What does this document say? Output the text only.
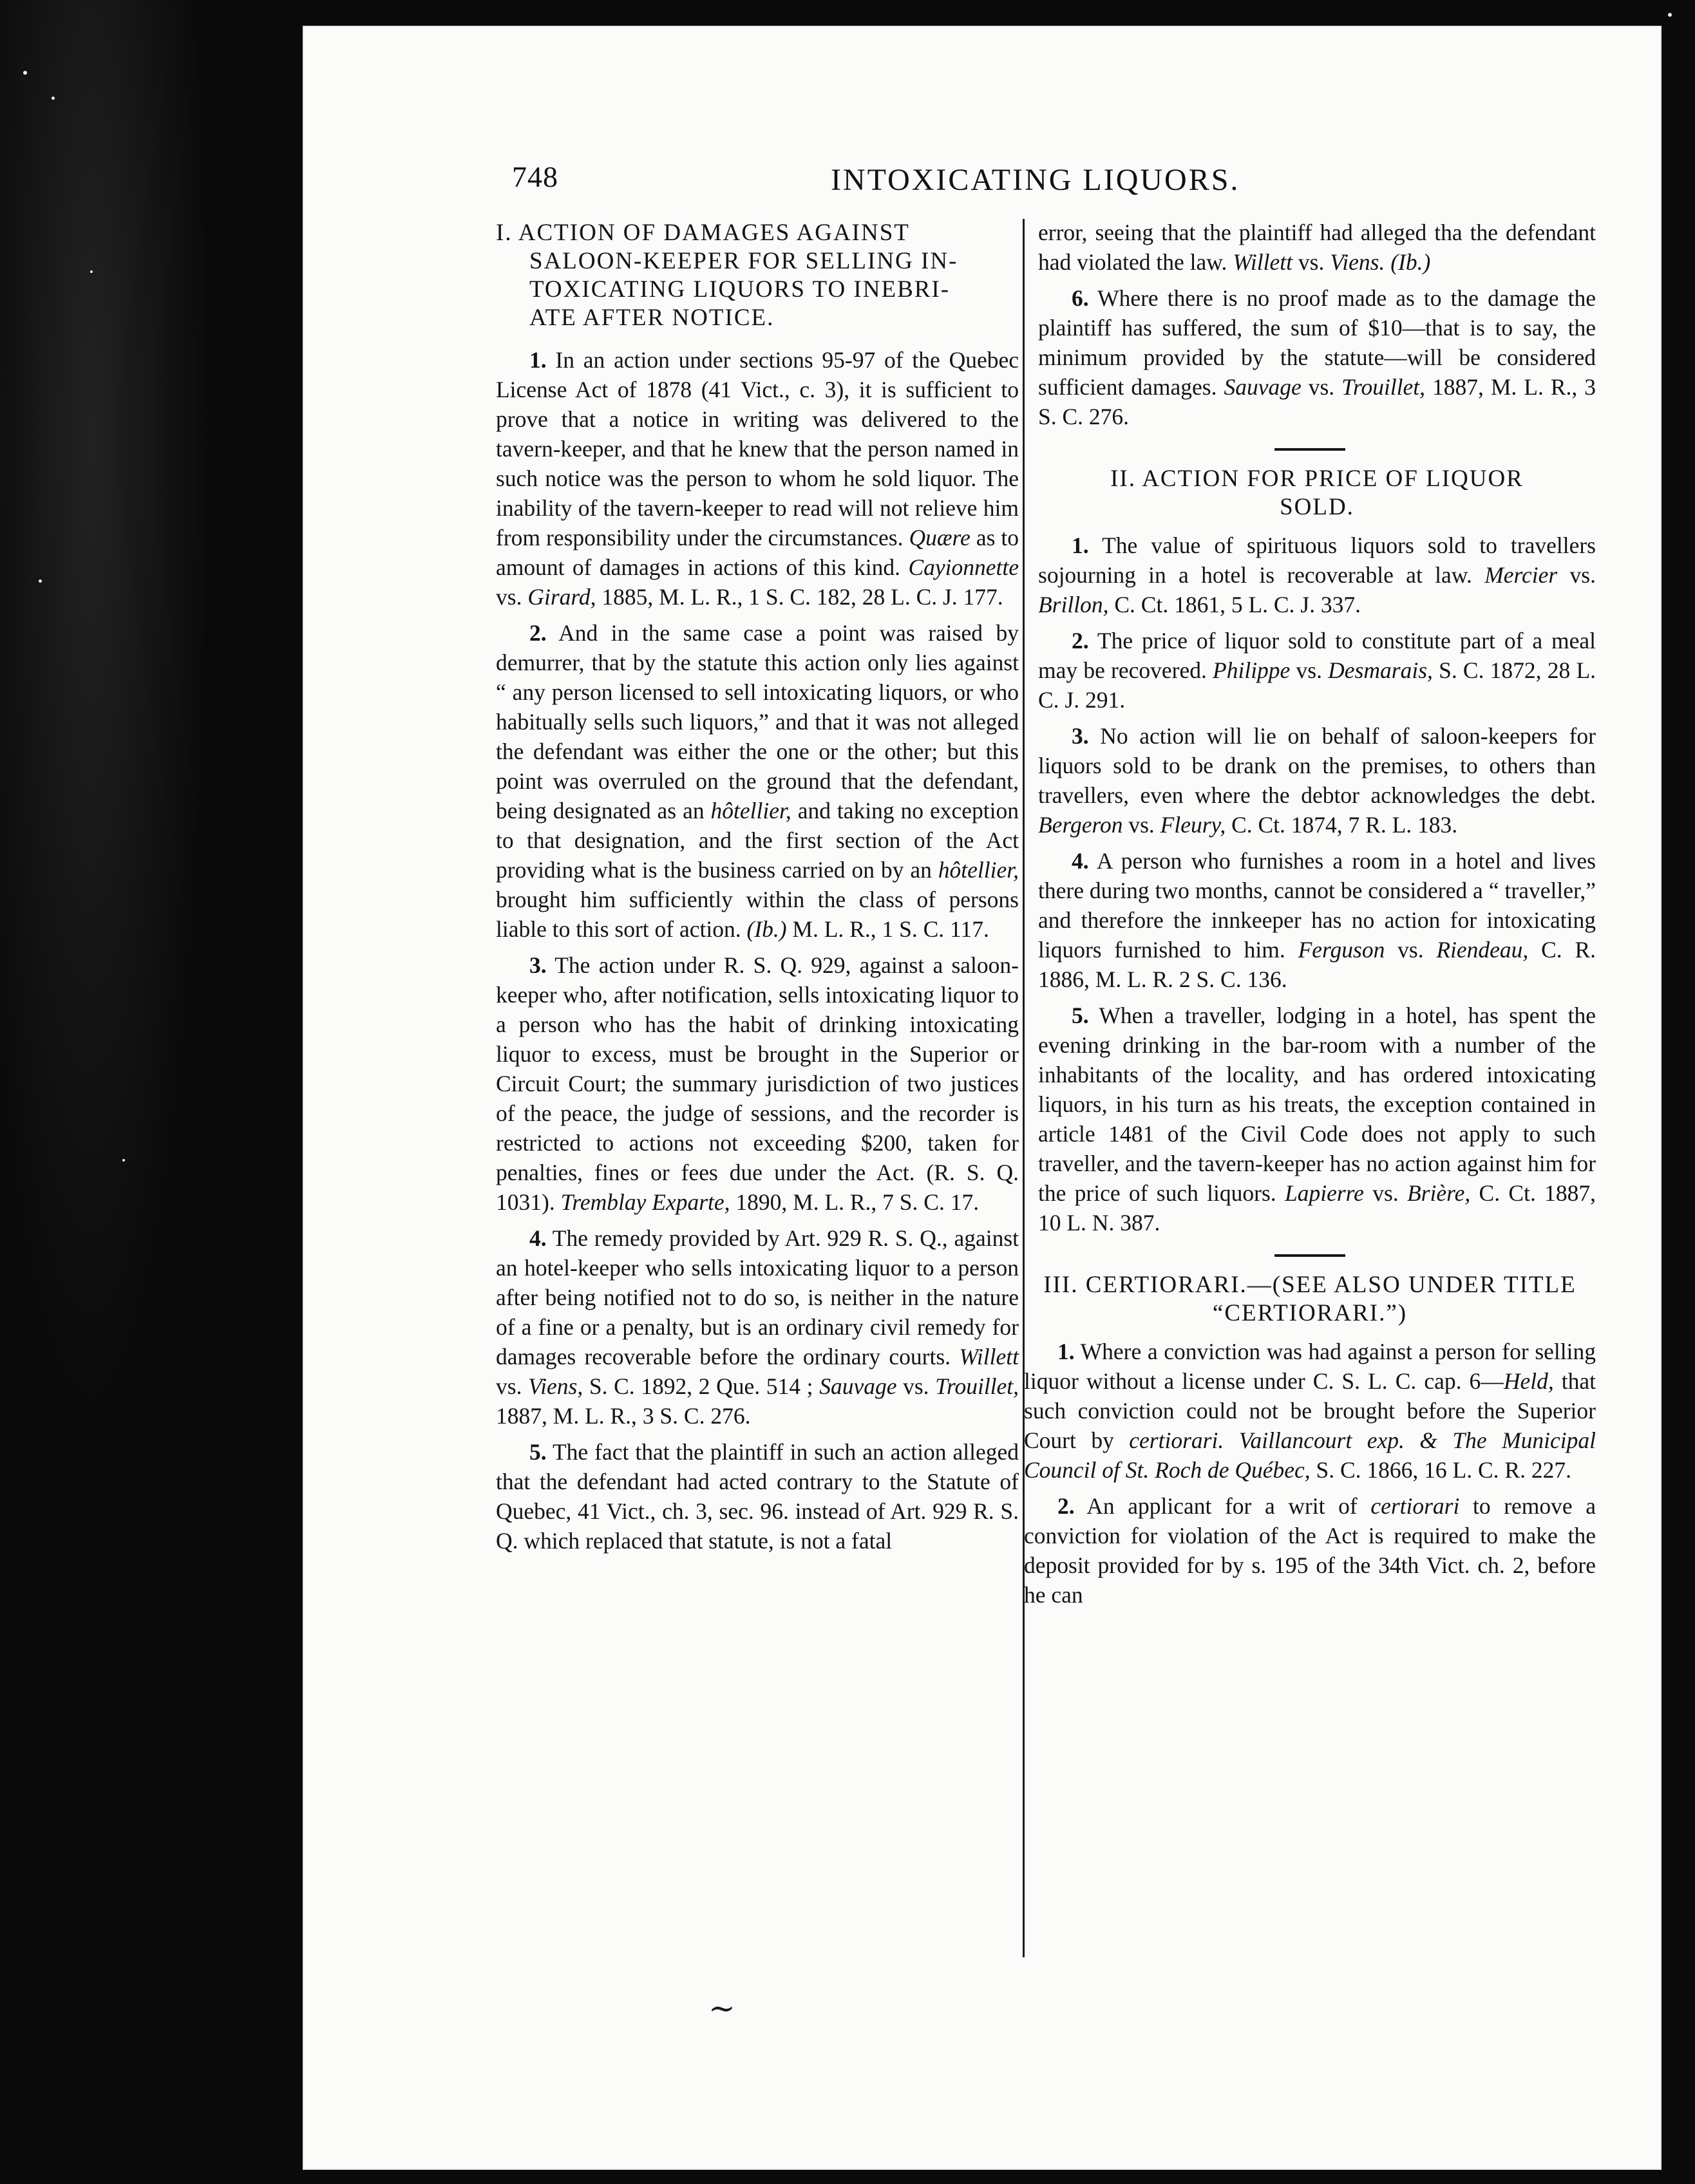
748	INTOXICATING LIQUORS.
I. ACTION OF DAMAGES AGAINST
SALOON-KEEPER FOR SELLING IN-
TOXICATING LIQUORS TO INEBRI-
ATE AFTER NOTICE.

1. In an action under sections 95-97 of the Quebec License Act of 1878 (41 Vict., c. 3), it is sufficient to prove that a notice in writing was delivered to the tavern-keeper, and that he knew that the person named in such notice was the person to whom he sold liquor. The inability of the tavern-keeper to read will not relieve him from responsibility under the circumstances. Quære as to amount of damages in actions of this kind. Cayionnette vs. Girard, 1885, M. L. R., 1 S. C. 182, 28 L. C. J. 177.

2. And in the same case a point was raised by demurrer, that by the statute this action only lies against “ any person licensed to sell intoxicating liquors, or who habitually sells such liquors,” and that it was not alleged the defendant was either the one or the other; but this point was overruled on the ground that the defendant, being designated as an hôtellier, and taking no exception to that designation, and the first section of the Act providing what is the business carried on by an hôtellier, brought him sufficiently within the class of persons liable to this sort of action. (Ib.) M. L. R., 1 S. C. 117.

3. The action under R. S. Q. 929, against a saloon-keeper who, after notification, sells intoxicating liquor to a person who has the habit of drinking intoxicating liquor to excess, must be brought in the Superior or Circuit Court; the summary jurisdiction of two justices of the peace, the judge of sessions, and the recorder is restricted to actions not exceeding $200, taken for penalties, fines or fees due under the Act. (R. S. Q. 1031). Tremblay Exparte, 1890, M. L. R., 7 S. C. 17.

4. The remedy provided by Art. 929 R. S. Q., against an hotel-keeper who sells intoxicating liquor to a person after being notified not to do so, is neither in the nature of a fine or a penalty, but is an ordinary civil remedy for damages recoverable before the ordinary courts. Willett vs. Viens, S. C. 1892, 2 Que. 514 ; Sauvage vs. Trouillet, 1887, M. L. R., 3 S. C. 276.

5. The fact that the plaintiff in such an action alleged that the defendant had acted contrary to the Statute of Quebec, 41 Vict., ch. 3, sec. 96. instead of Art. 929 R. S. Q. which replaced that statute, is not a fatal

error, seeing that the plaintiff had alleged tha the defendant had violated the law. Willett vs. Viens. (Ib.)

6. Where there is no proof made as to the damage the plaintiff has suffered, the sum of $10—that is to say, the minimum provided by the statute—will be considered sufficient damages. Sauvage vs. Trouillet, 1887, M. L. R., 3 S. C. 276.

II. ACTION FOR PRICE OF LIQUOR
SOLD.

1. The value of spirituous liquors sold to travellers sojourning in a hotel is recoverable at law. Mercier vs. Brillon, C. Ct. 1861, 5 L. C. J. 337.

2. The price of liquor sold to constitute part of a meal may be recovered. Philippe vs. Desmarais, S. C. 1872, 28 L. C. J. 291.

3. No action will lie on behalf of saloon-keepers for liquors sold to be drank on the premises, to others than travellers, even where the debtor acknowledges the debt. Bergeron vs. Fleury, C. Ct. 1874, 7 R. L. 183.

4. A person who furnishes a room in a hotel and lives there during two months, cannot be considered a “ traveller,” and therefore the innkeeper has no action for intoxicating liquors furnished to him. Ferguson vs. Riendeau, C. R. 1886, M. L. R. 2 S. C. 136.

5. When a traveller, lodging in a hotel, has spent the evening drinking in the bar-room with a number of the inhabitants of the locality, and has ordered intoxicating liquors, in his turn as his treats, the exception contained in article 1481 of the Civil Code does not apply to such traveller, and the tavern-keeper has no action against him for the price of such liquors. Lapierre vs. Brière, C. Ct. 1887, 10 L. N. 387.

III. CERTIORARI.—(SEE ALSO UNDER TITLE
“CERTIORARI.”)

1. Where a conviction was had against a person for selling liquor without a license under C. S. L. C. cap. 6—Held, that such conviction could not be brought before the Superior Court by certiorari. Vaillancourt exp. & The Municipal Council of St. Roch de Québec, S. C. 1866, 16 L. C. R. 227.

2. An applicant for a writ of certiorari to remove a conviction for violation of the Act is required to make the deposit provided for by s. 195 of the 34th Vict. ch. 2, before he can

∼
